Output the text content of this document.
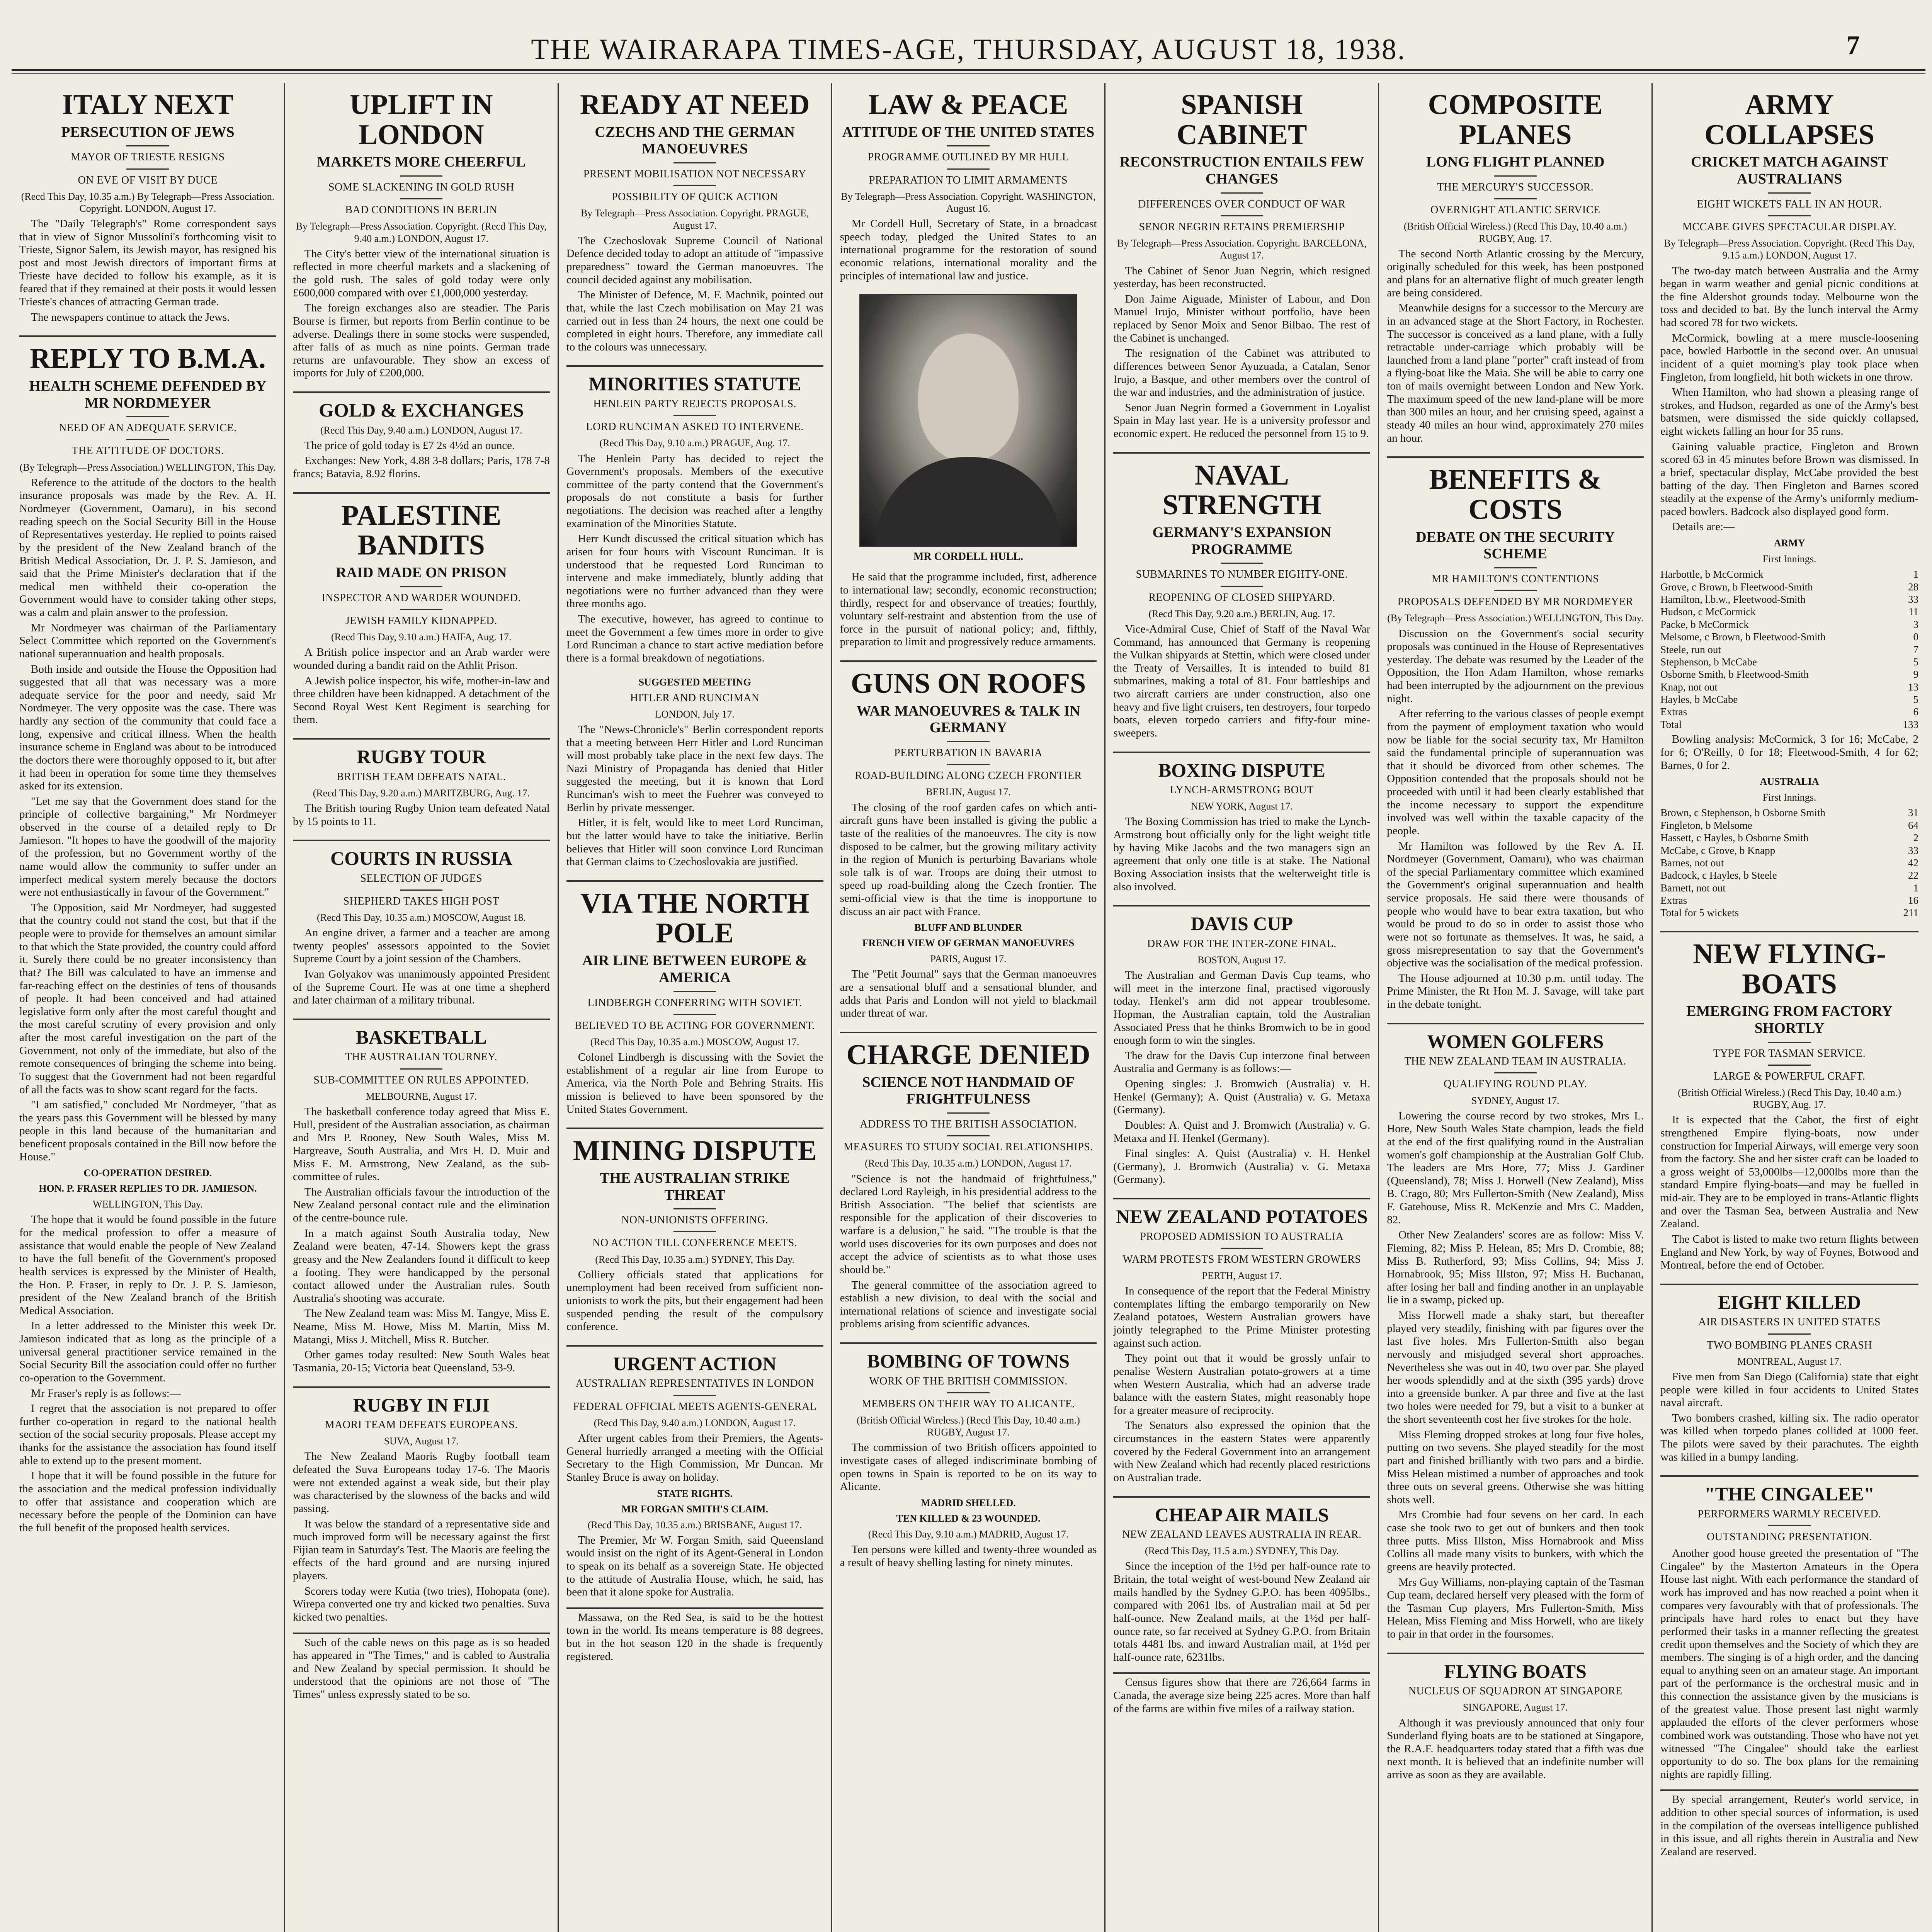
THE WAIRARAPA TIMES-AGE, THURSDAY, AUGUST 18, 1938.	7
ITALY NEXT
PERSECUTION OF JEWS
MAYOR OF TRIESTE RESIGNS
ON EVE OF VISIT BY DUCE
(Recd This Day, 10.35 a.m.) By Telegraph—Press Association. Copyright. LONDON, August 17.

The "Daily Telegraph's" Rome correspondent says that in view of Signor Mussolini's forthcoming visit to Trieste, Signor Salem, its Jewish mayor, has resigned his post and most Jewish directors of important firms at Trieste have decided to follow his example, as it is feared that if they remained at their posts it would lessen Trieste's chances of attracting German trade.

The newspapers continue to attack the Jews.

REPLY TO B.M.A.
HEALTH SCHEME DEFENDED BY MR NORDMEYER
NEED OF AN ADEQUATE SERVICE.
THE ATTITUDE OF DOCTORS.
(By Telegraph—Press Association.) WELLINGTON, This Day.

Reference to the attitude of the doctors to the health insurance proposals was made by the Rev. A. H. Nordmeyer (Government, Oamaru), in his second reading speech on the Social Security Bill in the House of Representatives yesterday. He replied to points raised by the president of the New Zealand branch of the British Medical Association, Dr. J. P. S. Jamieson, and said that the Prime Minister's declaration that if the medical men withheld their co-operation the Government would have to consider taking other steps, was a calm and plain answer to the profession.

Mr Nordmeyer was chairman of the Parliamentary Select Committee which reported on the Government's national superannuation and health proposals.

Both inside and outside the House the Opposition had suggested that all that was necessary was a more adequate service for the poor and needy, said Mr Nordmeyer. The very opposite was the case. There was hardly any section of the community that could face a long, expensive and critical illness. When the health insurance scheme in England was about to be introduced the doctors there were thoroughly opposed to it, but after it had been in operation for some time they themselves asked for its extension.

"Let me say that the Government does stand for the principle of collective bargaining," Mr Nordmeyer observed in the course of a detailed reply to Dr Jamieson. "It hopes to have the goodwill of the majority of the profession, but no Government worthy of the name would allow the community to suffer under an imperfect medical system merely because the doctors were not enthusiastically in favour of the Government."

The Opposition, said Mr Nordmeyer, had suggested that the country could not stand the cost, but that if the people were to provide for themselves an amount similar to that which the State provided, the country could afford it. Surely there could be no greater inconsistency than that? The Bill was calculated to have an immense and far-reaching effect on the destinies of tens of thousands of people. It had been conceived and had attained legislative form only after the most careful thought and the most careful scrutiny of every provision and only after the most careful investigation on the part of the Government, not only of the immediate, but also of the remote consequences of bringing the scheme into being. To suggest that the Government had not been regardful of all the facts was to show scant regard for the facts.

"I am satisfied," concluded Mr Nordmeyer, "that as the years pass this Government will be blessed by many people in this land because of the humanitarian and beneficent proposals contained in the Bill now before the House."

CO-OPERATION DESIRED.
HON. P. FRASER REPLIES TO DR. JAMIESON.
WELLINGTON, This Day.

The hope that it would be found possible in the future for the medical profession to offer a measure of assistance that would enable the people of New Zealand to have the full benefit of the Government's proposed health services is expressed by the Minister of Health, the Hon. P. Fraser, in reply to Dr. J. P. S. Jamieson, president of the New Zealand branch of the British Medical Association.

In a letter addressed to the Minister this week Dr. Jamieson indicated that as long as the principle of a universal general practitioner service remained in the Social Security Bill the association could offer no further co-operation to the Government.

Mr Fraser's reply is as follows:—

I regret that the association is not prepared to offer further co-operation in regard to the national health section of the social security proposals. Please accept my thanks for the assistance the association has found itself able to extend up to the present moment.

I hope that it will be found possible in the future for the association and the medical profession individually to offer that assistance and cooperation which are necessary before the people of the Dominion can have the full benefit of the proposed health services.

UPLIFT IN LONDON
MARKETS MORE CHEERFUL
SOME SLACKENING IN GOLD RUSH
BAD CONDITIONS IN BERLIN
By Telegraph—Press Association. Copyright. (Recd This Day, 9.40 a.m.) LONDON, August 17.

The City's better view of the international situation is reflected in more cheerful markets and a slackening of the gold rush. The sales of gold today were only £600,000 compared with over £1,000,000 yesterday.

The foreign exchanges also are steadier. The Paris Bourse is firmer, but reports from Berlin continue to be adverse. Dealings there in some stocks were suspended, after falls of as much as nine points. German trade returns are unfavourable. They show an excess of imports for July of £200,000.

GOLD & EXCHANGES
(Recd This Day, 9.40 a.m.) LONDON, August 17.

The price of gold today is £7 2s 4½d an ounce.

Exchanges: New York, 4.88 3-8 dollars; Paris, 178 7-8 francs; Batavia, 8.92 florins.

PALESTINE BANDITS
RAID MADE ON PRISON
INSPECTOR AND WARDER WOUNDED.
JEWISH FAMILY KIDNAPPED.
(Recd This Day, 9.10 a.m.) HAIFA, Aug. 17.

A British police inspector and an Arab warder were wounded during a bandit raid on the Athlit Prison.

A Jewish police inspector, his wife, mother-in-law and three children have been kidnapped. A detachment of the Second Royal West Kent Regiment is searching for them.

RUGBY TOUR
BRITISH TEAM DEFEATS NATAL.
(Recd This Day, 9.20 a.m.) MARITZBURG, Aug. 17.

The British touring Rugby Union team defeated Natal by 15 points to 11.

COURTS IN RUSSIA
SELECTION OF JUDGES
SHEPHERD TAKES HIGH POST
(Recd This Day, 10.35 a.m.) MOSCOW, August 18.

An engine driver, a farmer and a teacher are among twenty peoples' assessors appointed to the Soviet Supreme Court by a joint session of the Chambers.

Ivan Golyakov was unanimously appointed President of the Supreme Court. He was at one time a shepherd and later chairman of a military tribunal.

BASKETBALL
THE AUSTRALIAN TOURNEY.
SUB-COMMITTEE ON RULES APPOINTED.
MELBOURNE, August 17.

The basketball conference today agreed that Miss E. Hull, president of the Australian association, as chairman and Mrs P. Rooney, New South Wales, Miss M. Hargreave, South Australia, and Mrs H. D. Muir and Miss E. M. Armstrong, New Zealand, as the sub-committee of rules.

The Australian officials favour the introduction of the New Zealand personal contact rule and the elimination of the centre-bounce rule.

In a match against South Australia today, New Zealand were beaten, 47-14. Showers kept the grass greasy and the New Zealanders found it difficult to keep a footing. They were handicapped by the personal contact allowed under the Australian rules. South Australia's shooting was accurate.

The New Zealand team was: Miss M. Tangye, Miss E. Neame, Miss M. Howe, Miss M. Martin, Miss M. Matangi, Miss J. Mitchell, Miss R. Butcher.

Other games today resulted: New South Wales beat Tasmania, 20-15; Victoria beat Queensland, 53-9.

RUGBY IN FIJI
MAORI TEAM DEFEATS EUROPEANS.
SUVA, August 17.

The New Zealand Maoris Rugby football team defeated the Suva Europeans today 17-6. The Maoris were not extended against a weak side, but their play was characterised by the slowness of the backs and wild passing.

It was below the standard of a representative side and much improved form will be necessary against the first Fijian team in Saturday's Test. The Maoris are feeling the effects of the hard ground and are nursing injured players.

Scorers today were Kutia (two tries), Hohopata (one). Wirepa converted one try and kicked two penalties. Suva kicked two penalties.

Such of the cable news on this page as is so headed has appeared in "The Times," and is cabled to Australia and New Zealand by special permission. It should be understood that the opinions are not those of "The Times" unless expressly stated to be so.

READY AT NEED
CZECHS AND THE GERMAN MANOEUVRES
PRESENT MOBILISATION NOT NECESSARY
POSSIBILITY OF QUICK ACTION
By Telegraph—Press Association. Copyright. PRAGUE, August 17.

The Czechoslovak Supreme Council of National Defence decided today to adopt an attitude of "impassive preparedness" toward the German manoeuvres. The council decided against any mobilisation.

The Minister of Defence, M. F. Machnik, pointed out that, while the last Czech mobilisation on May 21 was carried out in less than 24 hours, the next one could be completed in eight hours. Therefore, any immediate call to the colours was unnecessary.

MINORITIES STATUTE
HENLEIN PARTY REJECTS PROPOSALS.
LORD RUNCIMAN ASKED TO INTERVENE.
(Recd This Day, 9.10 a.m.) PRAGUE, Aug. 17.

The Henlein Party has decided to reject the Government's proposals. Members of the executive committee of the party contend that the Government's proposals do not constitute a basis for further negotiations. The decision was reached after a lengthy examination of the Minorities Statute.

Herr Kundt discussed the critical situation which has arisen for four hours with Viscount Runciman. It is understood that he requested Lord Runciman to intervene and make immediately, bluntly adding that negotiations were no further advanced than they were three months ago.

The executive, however, has agreed to continue to meet the Government a few times more in order to give Lord Runciman a chance to start active mediation before there is a formal breakdown of negotiations.

SUGGESTED MEETING
HITLER AND RUNCIMAN
LONDON, July 17.

The "News-Chronicle's" Berlin correspondent reports that a meeting between Herr Hitler and Lord Runciman will most probably take place in the next few days. The Nazi Ministry of Propaganda has denied that Hitler suggested the meeting, but it is known that Lord Runciman's wish to meet the Fuehrer was conveyed to Berlin by private messenger.

Hitler, it is felt, would like to meet Lord Runciman, but the latter would have to take the initiative. Berlin believes that Hitler will soon convince Lord Runciman that German claims to Czechoslovakia are justified.

VIA THE NORTH POLE
AIR LINE BETWEEN EUROPE & AMERICA
LINDBERGH CONFERRING WITH SOVIET.
BELIEVED TO BE ACTING FOR GOVERNMENT.
(Recd This Day, 10.35 a.m.) MOSCOW, August 17.

Colonel Lindbergh is discussing with the Soviet the establishment of a regular air line from Europe to America, via the North Pole and Behring Straits. His mission is believed to have been sponsored by the United States Government.

MINING DISPUTE
THE AUSTRALIAN STRIKE THREAT
NON-UNIONISTS OFFERING.
NO ACTION TILL CONFERENCE MEETS.
(Recd This Day, 10.35 a.m.) SYDNEY, This Day.

Colliery officials stated that applications for unemployment had been received from sufficient non-unionists to work the pits, but their engagement had been suspended pending the result of the compulsory conference.

URGENT ACTION
AUSTRALIAN REPRESENTATIVES IN LONDON
FEDERAL OFFICIAL MEETS AGENTS-GENERAL
(Recd This Day, 9.40 a.m.) LONDON, August 17.

After urgent cables from their Premiers, the Agents-General hurriedly arranged a meeting with the Official Secretary to the High Commission, Mr Duncan. Mr Stanley Bruce is away on holiday.

STATE RIGHTS.
MR FORGAN SMITH'S CLAIM.
(Recd This Day, 10.35 a.m.) BRISBANE, August 17.

The Premier, Mr W. Forgan Smith, said Queensland would insist on the right of its Agent-General in London to speak on its behalf as a sovereign State. He objected to the attitude of Australia House, which, he said, has been that it alone spoke for Australia.

Massawa, on the Red Sea, is said to be the hottest town in the world. Its means temperature is 88 degrees, but in the hot season 120 in the shade is frequently registered.

LAW & PEACE
ATTITUDE OF THE UNITED STATES
PROGRAMME OUTLINED BY MR HULL
PREPARATION TO LIMIT ARMAMENTS
By Telegraph—Press Association. Copyright. WASHINGTON, August 16.

Mr Cordell Hull, Secretary of State, in a broadcast speech today, pledged the United States to an international programme for the restoration of sound economic relations, international morality and the principles of international law and justice.

MR CORDELL HULL.

He said that the programme included, first, adherence to international law; secondly, economic reconstruction; thirdly, respect for and observance of treaties; fourthly, voluntary self-restraint and abstention from the use of force in the pursuit of national policy; and, fifthly, preparation to limit and progressively reduce armaments.

GUNS ON ROOFS
WAR MANOEUVRES & TALK IN GERMANY
PERTURBATION IN BAVARIA
ROAD-BUILDING ALONG CZECH FRONTIER
BERLIN, August 17.

The closing of the roof garden cafes on which anti-aircraft guns have been installed is giving the public a taste of the realities of the manoeuvres. The city is now disposed to be calmer, but the growing military activity in the region of Munich is perturbing Bavarians whole sole talk is of war. Troops are doing their utmost to speed up road-building along the Czech frontier. The semi-official view is that the time is inopportune to discuss an air pact with France.

BLUFF AND BLUNDER
FRENCH VIEW OF GERMAN MANOEUVRES
PARIS, August 17.

The "Petit Journal" says that the German manoeuvres are a sensational bluff and a sensational blunder, and adds that Paris and London will not yield to blackmail under threat of war.

CHARGE DENIED
SCIENCE NOT HANDMAID OF FRIGHTFULNESS
ADDRESS TO THE BRITISH ASSOCIATION.
MEASURES TO STUDY SOCIAL RELATIONSHIPS.
(Recd This Day, 10.35 a.m.) LONDON, August 17.

"Science is not the handmaid of frightfulness," declared Lord Rayleigh, in his presidential address to the British Association. "The belief that scientists are responsible for the application of their discoveries to warfare is a delusion," he said. "The trouble is that the world uses discoveries for its own purposes and does not accept the advice of scientists as to what those uses should be."

The general committee of the association agreed to establish a new division, to deal with the social and international relations of science and investigate social problems arising from scientific advances.

BOMBING OF TOWNS
WORK OF THE BRITISH COMMISSION.
MEMBERS ON THEIR WAY TO ALICANTE.
(British Official Wireless.) (Recd This Day, 10.40 a.m.) RUGBY, August 17.

The commission of two British officers appointed to investigate cases of alleged indiscriminate bombing of open towns in Spain is reported to be on its way to Alicante.

MADRID SHELLED.
TEN KILLED & 23 WOUNDED.
(Recd This Day, 9.10 a.m.) MADRID, August 17.

Ten persons were killed and twenty-three wounded as a result of heavy shelling lasting for ninety minutes.

SPANISH CABINET
RECONSTRUCTION ENTAILS FEW CHANGES
DIFFERENCES OVER CONDUCT OF WAR
SENOR NEGRIN RETAINS PREMIERSHIP
By Telegraph—Press Association. Copyright. BARCELONA, August 17.

The Cabinet of Senor Juan Negrin, which resigned yesterday, has been reconstructed.

Don Jaime Aiguade, Minister of Labour, and Don Manuel Irujo, Minister without portfolio, have been replaced by Senor Moix and Senor Bilbao. The rest of the Cabinet is unchanged.

The resignation of the Cabinet was attributed to differences between Senor Ayuzuada, a Catalan, Senor Irujo, a Basque, and other members over the control of the war and industries, and the administration of justice.

Senor Juan Negrin formed a Government in Loyalist Spain in May last year. He is a university professor and economic expert. He reduced the personnel from 15 to 9.

NAVAL STRENGTH
GERMANY'S EXPANSION PROGRAMME
SUBMARINES TO NUMBER EIGHTY-ONE.
REOPENING OF CLOSED SHIPYARD.
(Recd This Day, 9.20 a.m.) BERLIN, Aug. 17.

Vice-Admiral Cuse, Chief of Staff of the Naval War Command, has announced that Germany is reopening the Vulkan shipyards at Stettin, which were closed under the Treaty of Versailles. It is intended to build 81 submarines, making a total of 81. Four battleships and two aircraft carriers are under construction, also one heavy and five light cruisers, ten destroyers, four torpedo boats, eleven torpedo carriers and fifty-four mine-sweepers.

BOXING DISPUTE
LYNCH-ARMSTRONG BOUT
NEW YORK, August 17.

The Boxing Commission has tried to make the Lynch-Armstrong bout officially only for the light weight title by having Mike Jacobs and the two managers sign an agreement that only one title is at stake. The National Boxing Association insists that the welterweight title is also involved.

DAVIS CUP
DRAW FOR THE INTER-ZONE FINAL.
BOSTON, August 17.

The Australian and German Davis Cup teams, who will meet in the interzone final, practised vigorously today. Henkel's arm did not appear troublesome. Hopman, the Australian captain, told the Australian Associated Press that he thinks Bromwich to be in good enough form to win the singles.

The draw for the Davis Cup interzone final between Australia and Germany is as follows:—

Opening singles: J. Bromwich (Australia) v. H. Henkel (Germany); A. Quist (Australia) v. G. Metaxa (Germany).

Doubles: A. Quist and J. Bromwich (Australia) v. G. Metaxa and H. Henkel (Germany).

Final singles: A. Quist (Australia) v. H. Henkel (Germany), J. Bromwich (Australia) v. G. Metaxa (Germany).

NEW ZEALAND POTATOES
PROPOSED ADMISSION TO AUSTRALIA
WARM PROTESTS FROM WESTERN GROWERS
PERTH, August 17.

In consequence of the report that the Federal Ministry contemplates lifting the embargo temporarily on New Zealand potatoes, Western Australian growers have jointly telegraphed to the Prime Minister protesting against such action.

They point out that it would be grossly unfair to penalise Western Australian potato-growers at a time when Western Australia, which had an adverse trade balance with the eastern States, might reasonably hope for a greater measure of reciprocity.

The Senators also expressed the opinion that the circumstances in the eastern States were apparently covered by the Federal Government into an arrangement with New Zealand which had recently placed restrictions on Australian trade.

CHEAP AIR MAILS
NEW ZEALAND LEAVES AUSTRALIA IN REAR.
(Recd This Day, 11.5 a.m.) SYDNEY, This Day.

Since the inception of the 1½d per half-ounce rate to Britain, the total weight of west-bound New Zealand air mails handled by the Sydney G.P.O. has been 4095lbs., compared with 2061 lbs. of Australian mail at 5d per half-ounce. New Zealand mails, at the 1½d per half-ounce rate, so far received at Sydney G.P.O. from Britain totals 4481 lbs. and inward Australian mail, at 1½d per half-ounce rate, 6231lbs.

Census figures show that there are 726,664 farms in Canada, the average size being 225 acres. More than half of the farms are within five miles of a railway station.

COMPOSITE PLANES
LONG FLIGHT PLANNED
THE MERCURY'S SUCCESSOR.
OVERNIGHT ATLANTIC SERVICE
(British Official Wireless.) (Recd This Day, 10.40 a.m.) RUGBY, Aug. 17.

The second North Atlantic crossing by the Mercury, originally scheduled for this week, has been postponed and plans for an alternative flight of much greater length are being considered.

Meanwhile designs for a successor to the Mercury are in an advanced stage at the Short Factory, in Rochester. The successor is conceived as a land plane, with a fully retractable under-carriage which probably will be launched from a land plane "porter" craft instead of from a flying-boat like the Maia. She will be able to carry one ton of mails overnight between London and New York. The maximum speed of the new land-plane will be more than 300 miles an hour, and her cruising speed, against a steady 40 miles an hour wind, approximately 270 miles an hour.

BENEFITS & COSTS
DEBATE ON THE SECURITY SCHEME
MR HAMILTON'S CONTENTIONS
PROPOSALS DEFENDED BY MR NORDMEYER
(By Telegraph—Press Association.) WELLINGTON, This Day.

Discussion on the Government's social security proposals was continued in the House of Representatives yesterday. The debate was resumed by the Leader of the Opposition, the Hon Adam Hamilton, whose remarks had been interrupted by the adjournment on the previous night.

After referring to the various classes of people exempt from the payment of employment taxation who would now be liable for the social security tax, Mr Hamilton said the fundamental principle of superannuation was that it should be divorced from other schemes. The Opposition contended that the proposals should not be proceeded with until it had been clearly established that the income necessary to support the expenditure involved was well within the taxable capacity of the people.

Mr Hamilton was followed by the Rev A. H. Nordmeyer (Government, Oamaru), who was chairman of the special Parliamentary committee which examined the Government's original superannuation and health service proposals. He said there were thousands of people who would have to bear extra taxation, but who would be proud to do so in order to assist those who were not so fortunate as themselves. It was, he said, a gross misrepresentation to say that the Government's objective was the socialisation of the medical profession.

The House adjourned at 10.30 p.m. until today. The Prime Minister, the Rt Hon M. J. Savage, will take part in the debate tonight.

WOMEN GOLFERS
THE NEW ZEALAND TEAM IN AUSTRALIA.
QUALIFYING ROUND PLAY.
SYDNEY, August 17.

Lowering the course record by two strokes, Mrs L. Hore, New South Wales State champion, leads the field at the end of the first qualifying round in the Australian women's golf championship at the Australian Golf Club. The leaders are Mrs Hore, 77; Miss J. Gardiner (Queensland), 78; Miss J. Horwell (New Zealand), Miss B. Crago, 80; Mrs Fullerton-Smith (New Zealand), Miss F. Gatehouse, Miss R. McKenzie and Mrs C. Madden, 82.

Other New Zealanders' scores are as follow: Miss V. Fleming, 82; Miss P. Helean, 85; Mrs D. Crombie, 88; Miss B. Rutherford, 93; Miss Collins, 94; Miss J. Hornabrook, 95; Miss Illston, 97; Miss H. Buchanan, after losing her ball and finding another in an unplayable lie in a swamp, picked up.

Miss Horwell made a shaky start, but thereafter played very steadily, finishing with par figures over the last five holes. Mrs Fullerton-Smith also began nervously and misjudged several short approaches. Nevertheless she was out in 40, two over par. She played her woods splendidly and at the sixth (395 yards) drove into a greenside bunker. A par three and five at the last two holes were needed for 79, but a visit to a bunker at the short seventeenth cost her five strokes for the hole.

Miss Fleming dropped strokes at long four five holes, putting on two sevens. She played steadily for the most part and finished brilliantly with two pars and a birdie. Miss Helean mistimed a number of approaches and took three outs on several greens. Otherwise she was hitting shots well.

Mrs Crombie had four sevens on her card. In each case she took two to get out of bunkers and then took three putts. Miss Illston, Miss Hornabrook and Miss Collins all made many visits to bunkers, with which the greens are heavily protected.

Mrs Guy Williams, non-playing captain of the Tasman Cup team, declared herself very pleased with the form of the Tasman Cup players, Mrs Fullerton-Smith, Miss Helean, Miss Fleming and Miss Horwell, who are likely to pair in that order in the foursomes.

FLYING BOATS
NUCLEUS OF SQUADRON AT SINGAPORE
SINGAPORE, August 17.

Although it was previously announced that only four Sunderland flying boats are to be stationed at Singapore, the R.A.F. headquarters today stated that a fifth was due next month. It is believed that an indefinite number will arrive as soon as they are available.

ARMY COLLAPSES
CRICKET MATCH AGAINST AUSTRALIANS
EIGHT WICKETS FALL IN AN HOUR.
MCCABE GIVES SPECTACULAR DISPLAY.
By Telegraph—Press Association. Copyright. (Recd This Day, 9.15 a.m.) LONDON, August 17.

The two-day match between Australia and the Army began in warm weather and genial picnic conditions at the fine Aldershot grounds today. Melbourne won the toss and decided to bat. By the lunch interval the Army had scored 78 for two wickets.

McCormick, bowling at a mere muscle-loosening pace, bowled Harbottle in the second over. An unusual incident of a quiet morning's play took place when Fingleton, from longfield, hit both wickets in one throw.

When Hamilton, who had shown a pleasing range of strokes, and Hudson, regarded as one of the Army's best batsmen, were dismissed the side quickly collapsed, eight wickets falling an hour for 35 runs.

Gaining valuable practice, Fingleton and Brown scored 63 in 45 minutes before Brown was dismissed. In a brief, spectacular display, McCabe provided the best batting of the day. Then Fingleton and Barnes scored steadily at the expense of the Army's uniformly medium-paced bowlers. Badcock also displayed good form.

Details are:—

ARMY
First Innings.
Harbottle, b McCormick	1
Grove, c Brown, b Fleetwood-Smith	28
Hamilton, l.b.w., Fleetwood-Smith	33
Hudson, c McCormick	11
Packe, b McCormick	3
Melsome, c Brown, b Fleetwood-Smith	0
Steele, run out	7
Stephenson, b McCabe	5
Osborne Smith, b Fleetwood-Smith	9
Knap, not out	13
Hayles, b McCabe	5
Extras	6
Total	133

Bowling analysis: McCormick, 3 for 16; McCabe, 2 for 6; O'Reilly, 0 for 18; Fleetwood-Smith, 4 for 62; Barnes, 0 for 2.

AUSTRALIA
First Innings.
Brown, c Stephenson, b Osborne Smith	31
Fingleton, b Melsome	64
Hassett, c Hayles, b Osborne Smith	2
McCabe, c Grove, b Knapp	33
Barnes, not out	42
Badcock, c Hayles, b Steele	22
Barnett, not out	1
Extras	16
Total for 5 wickets	211
NEW FLYING-BOATS
EMERGING FROM FACTORY SHORTLY
TYPE FOR TASMAN SERVICE.
LARGE & POWERFUL CRAFT.
(British Official Wireless.) (Recd This Day, 10.40 a.m.) RUGBY, Aug. 17.

It is expected that the Cabot, the first of eight strengthened Empire flying-boats, now under construction for Imperial Airways, will emerge very soon from the factory. She and her sister craft can be loaded to a gross weight of 53,000lbs—12,000lbs more than the standard Empire flying-boats—and may be fuelled in mid-air. They are to be employed in trans-Atlantic flights and over the Tasman Sea, between Australia and New Zealand.

The Cabot is listed to make two return flights between England and New York, by way of Foynes, Botwood and Montreal, before the end of October.

EIGHT KILLED
AIR DISASTERS IN UNITED STATES
TWO BOMBING PLANES CRASH
MONTREAL, August 17.

Five men from San Diego (California) state that eight people were killed in four accidents to United States naval aircraft.

Two bombers crashed, killing six. The radio operator was killed when torpedo planes collided at 1000 feet. The pilots were saved by their parachutes. The eighth was killed in a bumpy landing.

"THE CINGALEE"
PERFORMERS WARMLY RECEIVED.
OUTSTANDING PRESENTATION.

Another good house greeted the presentation of "The Cingalee" by the Masterton Amateurs in the Opera House last night. With each performance the standard of work has improved and has now reached a point when it compares very favourably with that of professionals. The principals have hard roles to enact but they have performed their tasks in a manner reflecting the greatest credit upon themselves and the Society of which they are members. The singing is of a high order, and the dancing equal to anything seen on an amateur stage. An important part of the performance is the orchestral music and in this connection the assistance given by the musicians is of the greatest value. Those present last night warmly applauded the efforts of the clever performers whose combined work was outstanding. Those who have not yet witnessed "The Cingalee" should take the earliest opportunity to do so. The box plans for the remaining nights are rapidly filling.

By special arrangement, Reuter's world service, in addition to other special sources of information, is used in the compilation of the overseas intelligence published in this issue, and all rights therein in Australia and New Zealand are reserved.
